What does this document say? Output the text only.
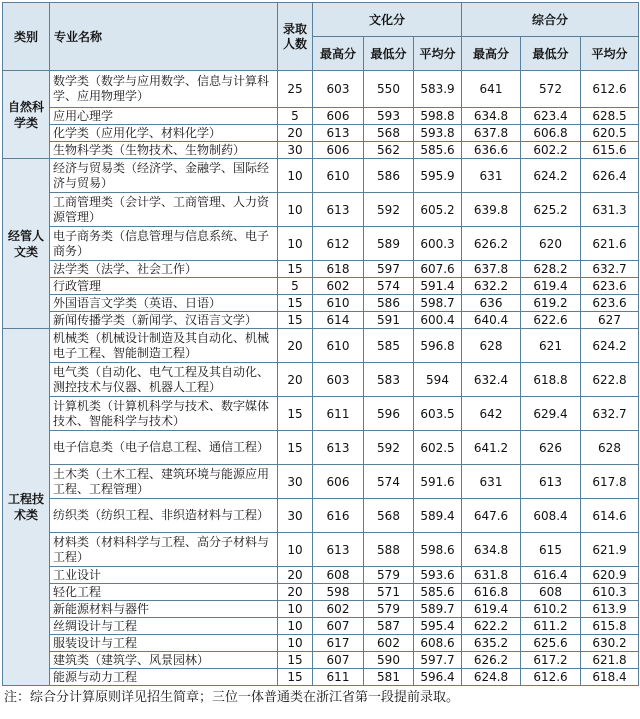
类别	专业名称	录取人数	文化分			综合分		
			最高分	最低分	平均分	最高分	最低分	平均分
自然科学类	数学类（数学与应用数学、信息与计算科学、应用物理学）	25	603	550	583.9	641	572	612.6
	应用心理学	5	606	593	598.8	634.8	623.4	628.5
	化学类（应用化学、材料化学）	20	613	568	593.8	637.8	606.8	620.5
	生物科学类（生物技术、生物制药）	30	606	562	585.6	636.6	602.2	615.6
经管人文类	经济与贸易类（经济学、金融学、国际经济与贸易）	10	610	586	595.9	631	624.2	626.4
	工商管理类（会计学、工商管理、人力资源管理）	10	613	592	605.2	639.8	625.2	631.3
	电子商务类（信息管理与信息系统、电子商务）	10	612	589	600.3	626.2	620	621.6
	法学类（法学、社会工作）	15	618	597	607.6	637.8	628.2	632.7
	行政管理	5	602	574	591.4	632.2	619.4	623.6
	外国语言文学类（英语、日语）	15	610	586	598.7	636	619.2	623.6
	新闻传播学类（新闻学、汉语言文学）	15	614	591	600.4	640.4	622.6	627
工程技术类	机械类（机械设计制造及其自动化、机械电子工程、智能制造工程）	20	610	585	596.8	628	621	624.2
	电气类（自动化、电气工程及其自动化、测控技术与仪器、机器人工程）	20	603	583	594	632.4	618.8	622.8
	计算机类（计算机科学与技术、数字媒体技术、智能科学与技术）	15	611	596	603.5	642	629.4	632.7
	电子信息类（电子信息工程、通信工程）	15	613	592	602.5	641.2	626	628
	土木类（土木工程、建筑环境与能源应用工程、工程管理）	30	606	574	591.6	631	613	617.8
	纺织类（纺织工程、非织造材料与工程）	30	616	568	589.4	647.6	608.4	614.6
	材料类（材料科学与工程、高分子材料与工程）	10	613	588	598.6	634.8	615	621.9
	工业设计	20	608	579	593.6	631.8	616.4	620.9
	轻化工程	20	598	571	585.6	616.8	608	610.3
	新能源材料与器件	10	602	579	589.7	619.4	610.2	613.9
	丝绸设计与工程	10	607	587	595.4	622.2	611.2	615.8
	服装设计与工程	10	617	602	608.6	635.2	625.6	630.2
	建筑类（建筑学、风景园林）	15	607	590	597.7	626.2	617.2	621.8
	能源与动力工程	15	611	581	596.4	624.8	612.6	618.4
注：综合分计算原则详见招生简章；三位一体普通类在浙江省第一段提前录取。
